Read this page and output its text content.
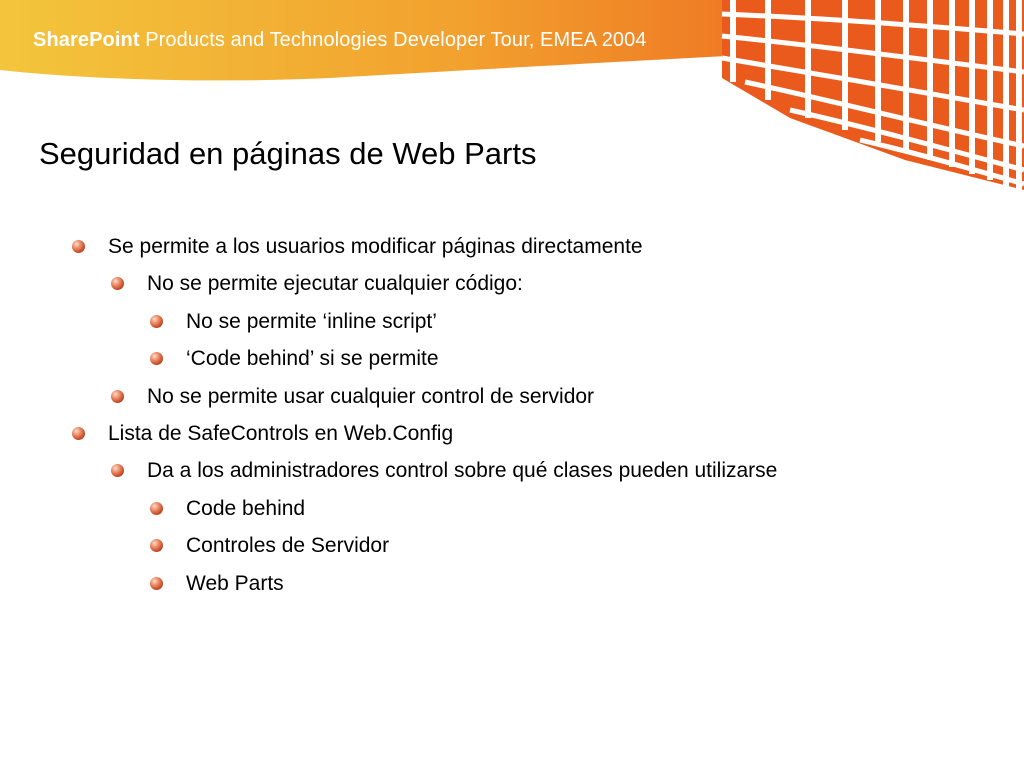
SharePoint Products and Technologies Developer Tour, EMEA 2004
Seguridad en páginas de Web Parts
Se permite a los usuarios modificar páginas directamente
No se permite ejecutar cualquier código:
No se permite ‘inline script’
‘Code behind’ si se permite
No se permite usar cualquier control de servidor
Lista de SafeControls en Web.Config
Da a los administradores control sobre qué clases pueden utilizarse
Code behind
Controles de Servidor
Web Parts
